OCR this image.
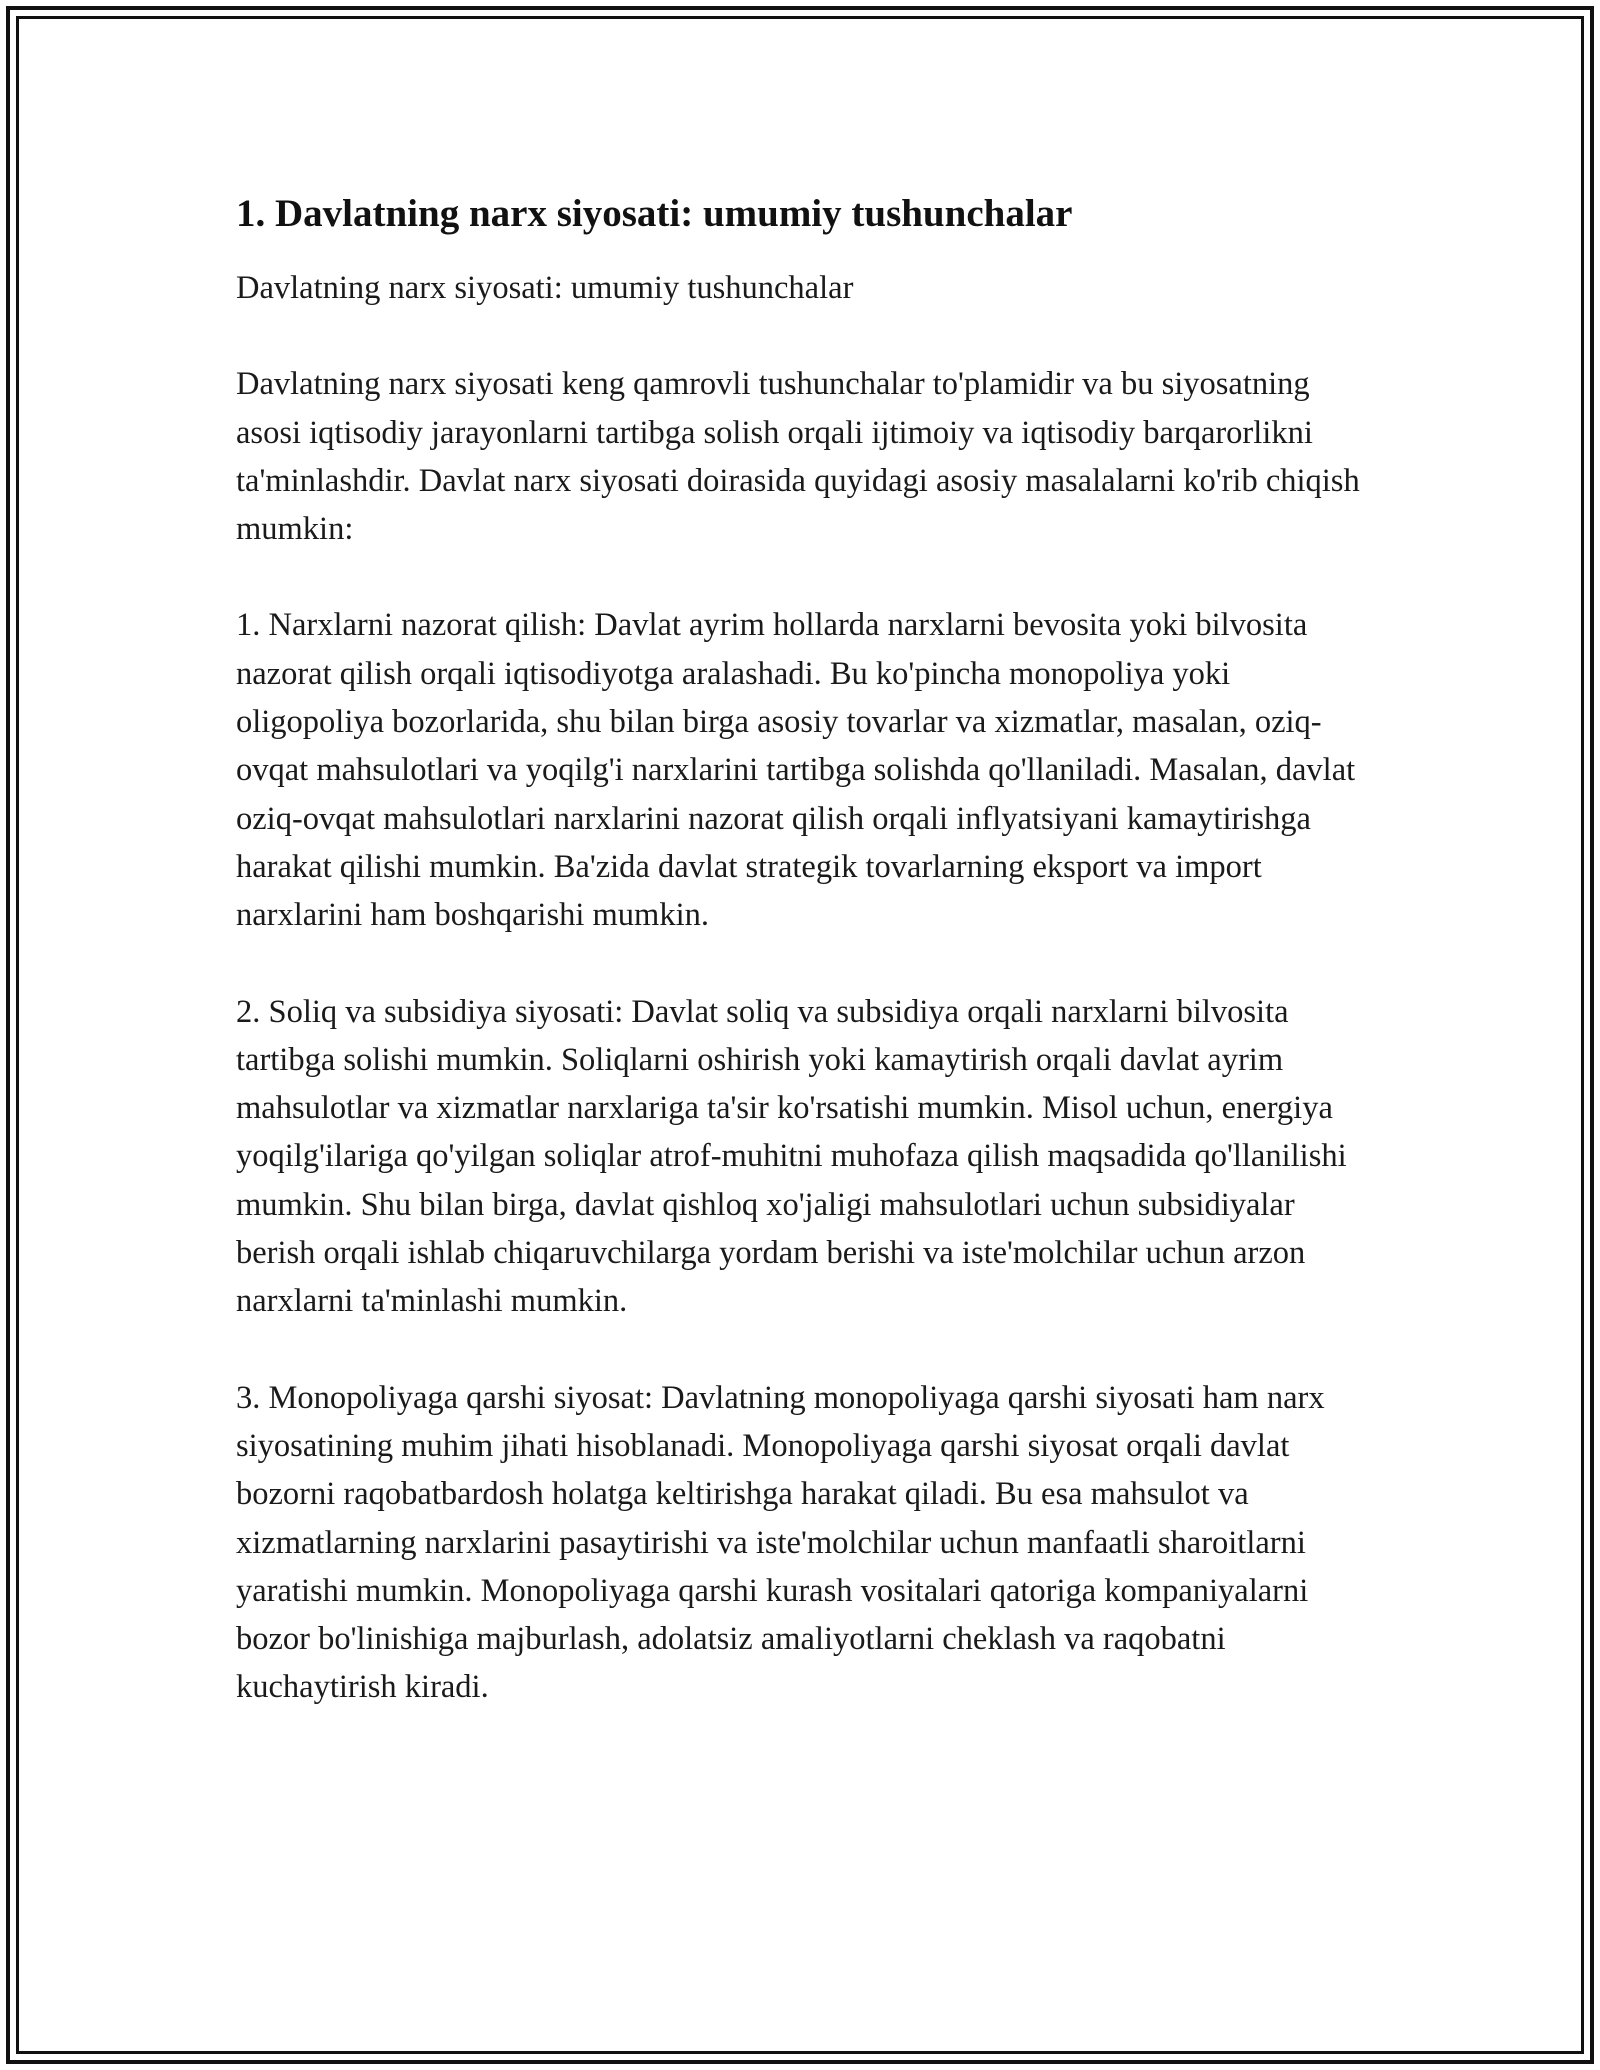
1. Davlatning narx siyosati: umumiy tushunchalar

Davlatning narx siyosati: umumiy tushunchalar

Davlatning narx siyosati keng qamrovli tushunchalar to'plamidir va bu siyosatning asosi iqtisodiy jarayonlarni tartibga solish orqali ijtimoiy va iqtisodiy barqarorlikni ta'minlashdir. Davlat narx siyosati doirasida quyidagi asosiy masalalarni ko'rib chiqish mumkin:

1. Narxlarni nazorat qilish: Davlat ayrim hollarda narxlarni bevosita yoki bilvosita nazorat qilish orqali iqtisodiyotga aralashadi. Bu ko'pincha monopoliya yoki oligopoliya bozorlarida, shu bilan birga asosiy tovarlar va xizmatlar, masalan, oziq-ovqat mahsulotlari va yoqilg'i narxlarini tartibga solishda qo'llaniladi. Masalan, davlat oziq-ovqat mahsulotlari narxlarini nazorat qilish orqali inflyatsiyani kamaytirishga harakat qilishi mumkin. Ba'zida davlat strategik tovarlarning eksport va import narxlarini ham boshqarishi mumkin.

2. Soliq va subsidiya siyosati: Davlat soliq va subsidiya orqali narxlarni bilvosita tartibga solishi mumkin. Soliqlarni oshirish yoki kamaytirish orqali davlat ayrim mahsulotlar va xizmatlar narxlariga ta'sir ko'rsatishi mumkin. Misol uchun, energiya yoqilg'ilariga qo'yilgan soliqlar atrof-muhitni muhofaza qilish maqsadida qo'llanilishi mumkin. Shu bilan birga, davlat qishloq xo'jaligi mahsulotlari uchun subsidiyalar berish orqali ishlab chiqaruvchilarga yordam berishi va iste'molchilar uchun arzon narxlarni ta'minlashi mumkin.

3. Monopoliyaga qarshi siyosat: Davlatning monopoliyaga qarshi siyosati ham narx siyosatining muhim jihati hisoblanadi. Monopoliyaga qarshi siyosat orqali davlat bozorni raqobatbardosh holatga keltirishga harakat qiladi. Bu esa mahsulot va xizmatlarning narxlarini pasaytirishi va iste'molchilar uchun manfaatli sharoitlarni yaratishi mumkin. Monopoliyaga qarshi kurash vositalari qatoriga kompaniyalarni bozor bo'linishiga majburlash, adolatsiz amaliyotlarni cheklash va raqobatni kuchaytirish kiradi.
